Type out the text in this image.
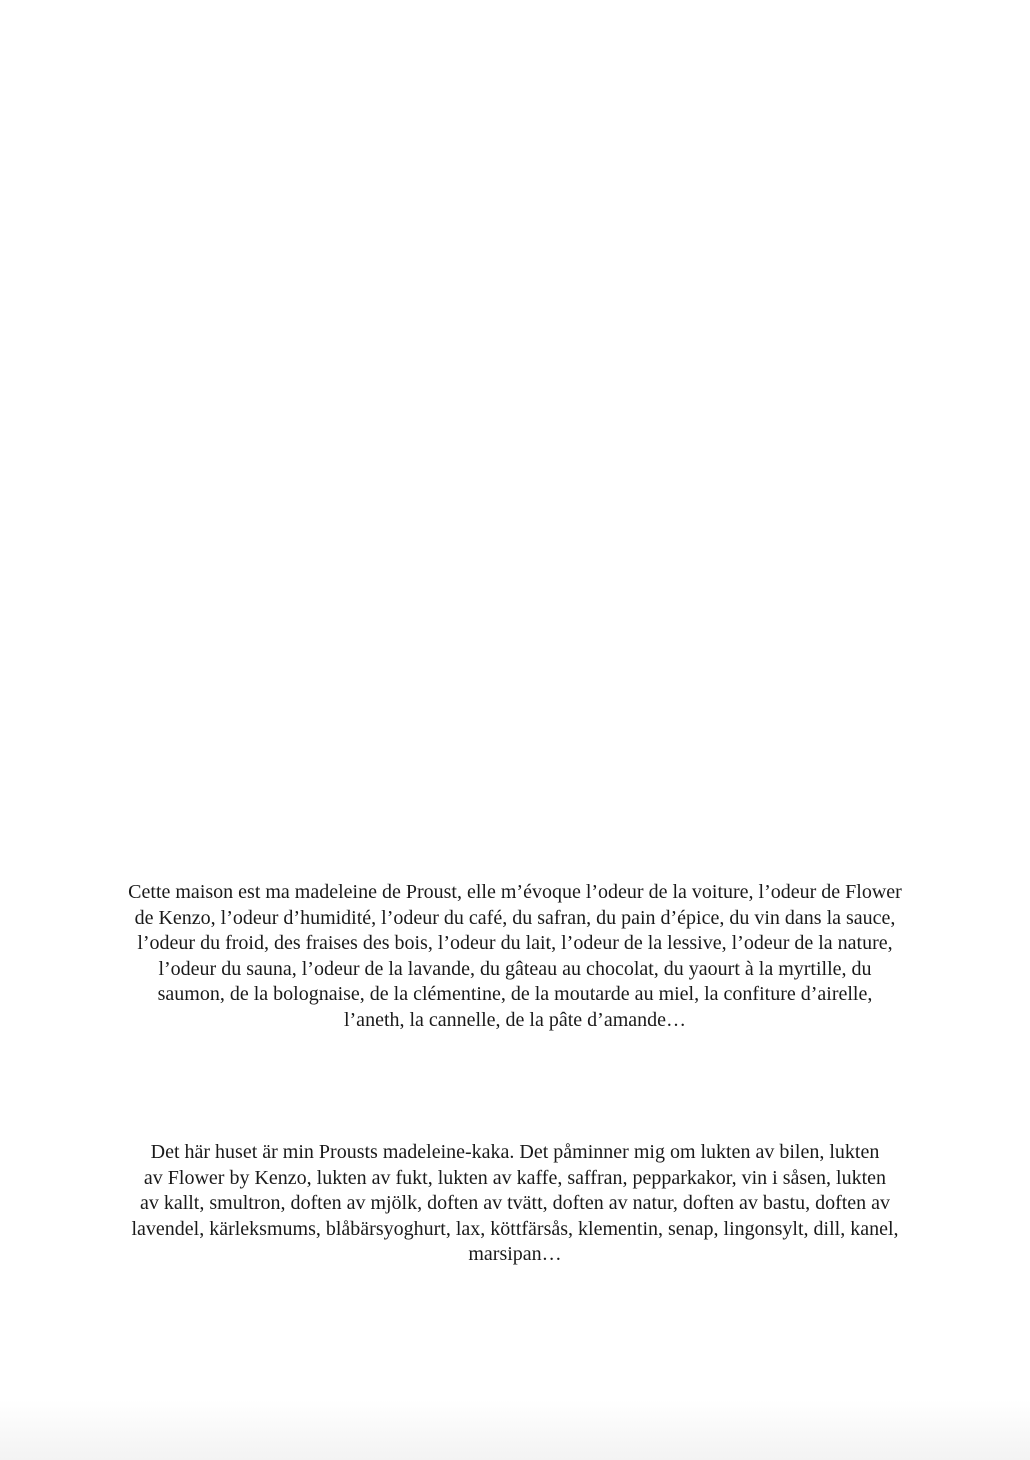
Cette maison est ma madeleine de Proust, elle m’évoque l’odeur de la voiture, l’odeur de Flower
de Kenzo, l’odeur d’humidité, l’odeur du café, du safran, du pain d’épice, du vin dans la sauce,
l’odeur du froid, des fraises des bois, l’odeur du lait, l’odeur de la lessive, l’odeur de la nature,
l’odeur du sauna, l’odeur de la lavande, du gâteau au chocolat, du yaourt à la myrtille, du
saumon, de la bolognaise, de la clémentine, de la moutarde au miel, la confiture d’airelle,
l’aneth, la cannelle, de la pâte d’amande…

Det här huset är min Prousts madeleine-kaka. Det påminner mig om lukten av bilen, lukten
av Flower by Kenzo, lukten av fukt, lukten av kaffe, saffran, pepparkakor, vin i såsen, lukten
av kallt, smultron, doften av mjölk, doften av tvätt, doften av natur, doften av bastu, doften av
lavendel, kärleksmums, blåbärsyoghurt, lax, köttfärsås, klementin, senap, lingonsylt, dill, kanel,
marsipan…
